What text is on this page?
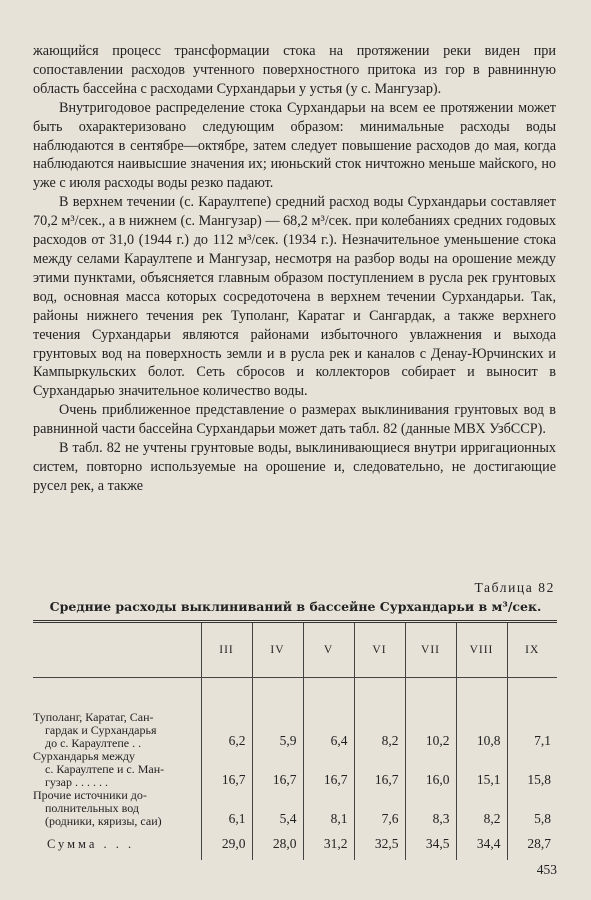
жающийся процесс трансформации стока на протяжении реки виден при сопоставлении расходов учтенного поверхностного притока из гор в равнинную область бассейна с расходами Сурхандарьи у устья (у с. Мангузар).

Внутригодовое распределение стока Сурхандарьи на всем ее протяжении может быть охарактеризовано следующим образом: минимальные расходы воды наблюдаются в сентябре—октябре, затем следует повышение расходов до мая, когда наблюдаются наивысшие значения их; июньский сток ничтожно меньше майского, но уже с июля расходы воды резко падают.

В верхнем течении (с. Караултепе) средний расход воды Сурхандарьи составляет 70,2 м³/сек., а в нижнем (с. Мангузар) — 68,2 м³/сек. при колебаниях средних годовых расходов от 31,0 (1944 г.) до 112 м³/сек. (1934 г.). Незначительное уменьшение стока между селами Караултепе и Мангузар, несмотря на разбор воды на орошение между этими пунктами, объясняется главным образом поступлением в русла рек грунтовых вод, основная масса которых сосредоточена в верхнем течении Сурхандарьи. Так, районы нижнего течения рек Туполанг, Каратаг и Сангардак, а также верхнего течения Сурхандарьи являются районами избыточного увлажнения и выхода грунтовых вод на поверхность земли и в русла рек и каналов с Денау-Юрчинских и Кампыркульских болот. Сеть сбросов и коллекторов собирает и выносит в Сурхандарью значительное количество воды.

Очень приближенное представление о размерах выклинивания грунтовых вод в равнинной части бассейна Сурхандарьи может дать табл. 82 (данные МВХ УзбССР).

В табл. 82 не учтены грунтовые воды, выклинивающиеся внутри ирригационных систем, повторно используемые на орошение и, следовательно, не достигающие русел рек, а также

Таблица 82
Средние расходы выклиниваний в бассейне Сурхандарьи в м³/сек.
	III	IV	V	VI	VII	VIII	IX
Туполанг, Каратаг, Сан-

гардак и Сурхандарья
до с. Караултепе . .	6,2	5,9	6,4	8,2	10,2	10,8	7,1
Сурхандарья между

с. Караултепе и с. Ман-
гузар . . . . . .	16,7	16,7	16,7	16,7	16,0	15,1	15,8
Прочие источники до-

полнительных вод
(родники, кяризы, саи)	6,1	5,4	8,1	7,6	8,3	8,2	5,8
Сумма . . .	29,0	28,0	31,2	32,5	34,5	34,4	28,7
453
